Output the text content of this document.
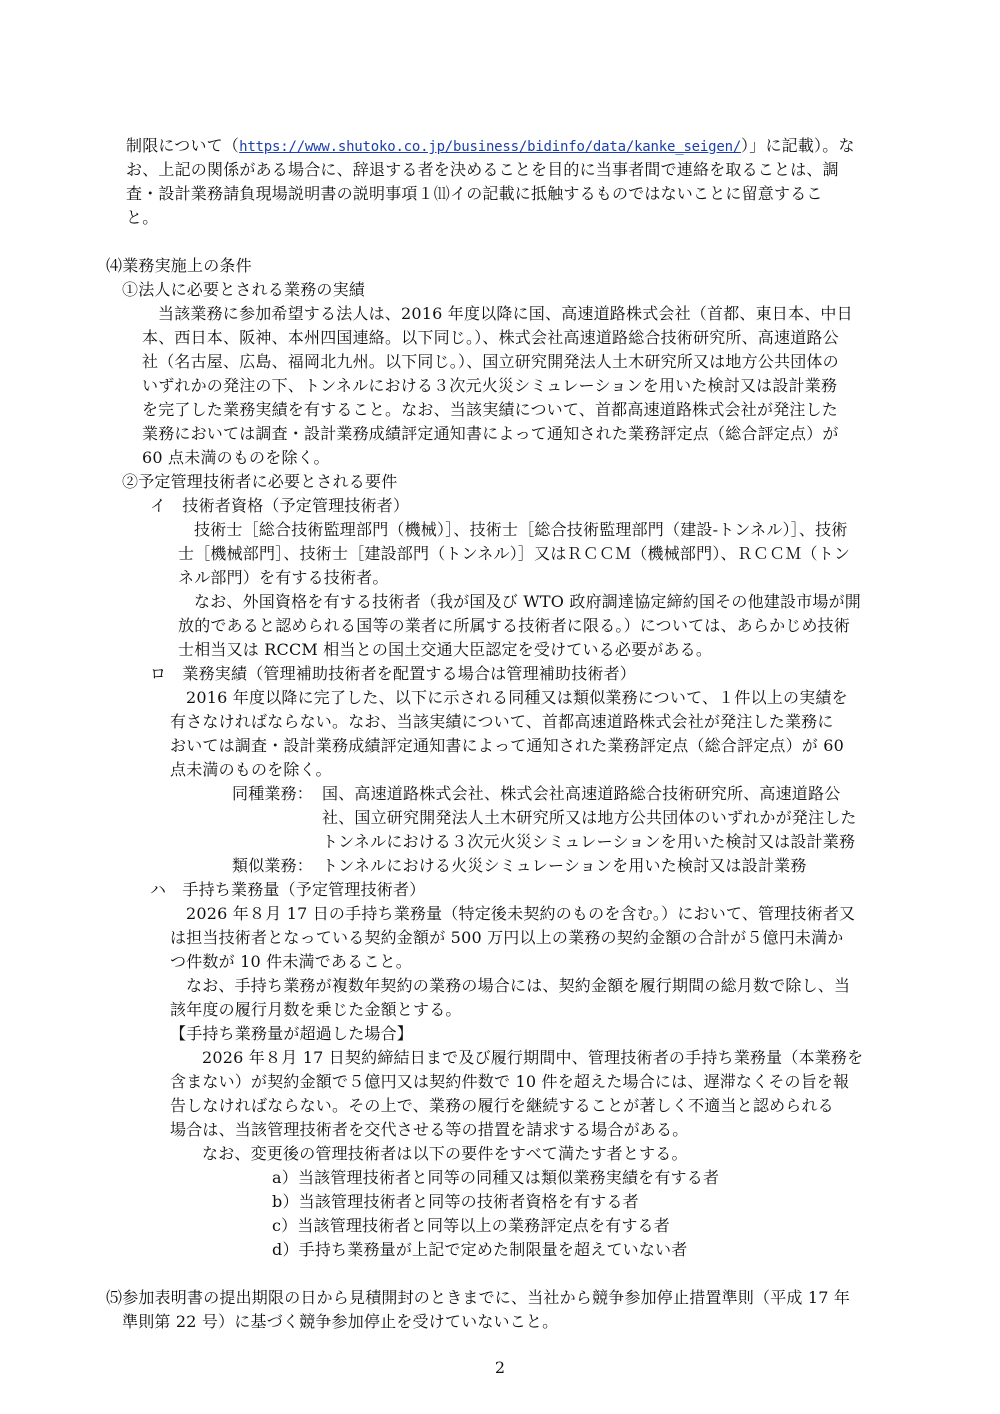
制限について（https://www.shutoko.co.jp/business/bidinfo/data/kanke_seigen/）」に記載）。な
お、上記の関係がある場合に、辞退する者を決めることを目的に当事者間で連絡を取ることは、調
査・設計業務請負現場説明書の説明事項１⑾イの記載に抵触するものではないことに留意するこ
と。
⑷業務実施上の条件
①法人に必要とされる業務の実績
当該業務に参加希望する法人は、2016 年度以降に国、高速道路株式会社（首都、東日本、中日
本、西日本、阪神、本州四国連絡。以下同じ。）、株式会社高速道路総合技術研究所、高速道路公
社（名古屋、広島、福岡北九州。以下同じ。）、国立研究開発法人土木研究所又は地方公共団体の
いずれかの発注の下、トンネルにおける３次元火災シミュレーションを用いた検討又は設計業務
を完了した業務実績を有すること。なお、当該実績について、首都高速道路株式会社が発注した
業務においては調査・設計業務成績評定通知書によって通知された業務評定点（総合評定点）が
60 点未満のものを除く。
②予定管理技術者に必要とされる要件
イ　技術者資格（予定管理技術者）
技術士［総合技術監理部門（機械）］、技術士［総合技術監理部門（建設-トンネル）］、技術
士［機械部門］、技術士［建設部門（トンネル）］又はＲＣＣＭ（機械部門）、ＲＣＣＭ（トン
ネル部門）を有する技術者。
なお、外国資格を有する技術者（我が国及び WTO 政府調達協定締約国その他建設市場が開
放的であると認められる国等の業者に所属する技術者に限る。）については、あらかじめ技術
士相当又は RCCM 相当との国土交通大臣認定を受けている必要がある。
ロ　業務実績（管理補助技術者を配置する場合は管理補助技術者）
2016 年度以降に完了した、以下に示される同種又は類似業務について、１件以上の実績を
有さなければならない。なお、当該実績について、首都高速道路株式会社が発注した業務に
おいては調査・設計業務成績評定通知書によって通知された業務評定点（総合評定点）が 60
点未満のものを除く。
同種業務： 国、高速道路株式会社、株式会社高速道路総合技術研究所、高速道路公
社、国立研究開発法人土木研究所又は地方公共団体のいずれかが発注した
トンネルにおける３次元火災シミュレーションを用いた検討又は設計業務
類似業務： トンネルにおける火災シミュレーションを用いた検討又は設計業務
ハ　手持ち業務量（予定管理技術者）
2026 年８月 17 日の手持ち業務量（特定後未契約のものを含む。）において、管理技術者又
は担当技術者となっている契約金額が 500 万円以上の業務の契約金額の合計が５億円未満か
つ件数が 10 件未満であること。
なお、手持ち業務が複数年契約の業務の場合には、契約金額を履行期間の総月数で除し、当
該年度の履行月数を乗じた金額とする。
【手持ち業務量が超過した場合】
2026 年８月 17 日契約締結日まで及び履行期間中、管理技術者の手持ち業務量（本業務を
含まない）が契約金額で５億円又は契約件数で 10 件を超えた場合には、遅滞なくその旨を報
告しなければならない。その上で、業務の履行を継続することが著しく不適当と認められる
場合は、当該管理技術者を交代させる等の措置を請求する場合がある。
なお、変更後の管理技術者は以下の要件をすべて満たす者とする。
a）当該管理技術者と同等の同種又は類似業務実績を有する者
b）当該管理技術者と同等の技術者資格を有する者
c）当該管理技術者と同等以上の業務評定点を有する者
d）手持ち業務量が上記で定めた制限量を超えていない者
⑸参加表明書の提出期限の日から見積開封のときまでに、当社から競争参加停止措置準則（平成 17 年
準則第 22 号）に基づく競争参加停止を受けていないこと。
2
